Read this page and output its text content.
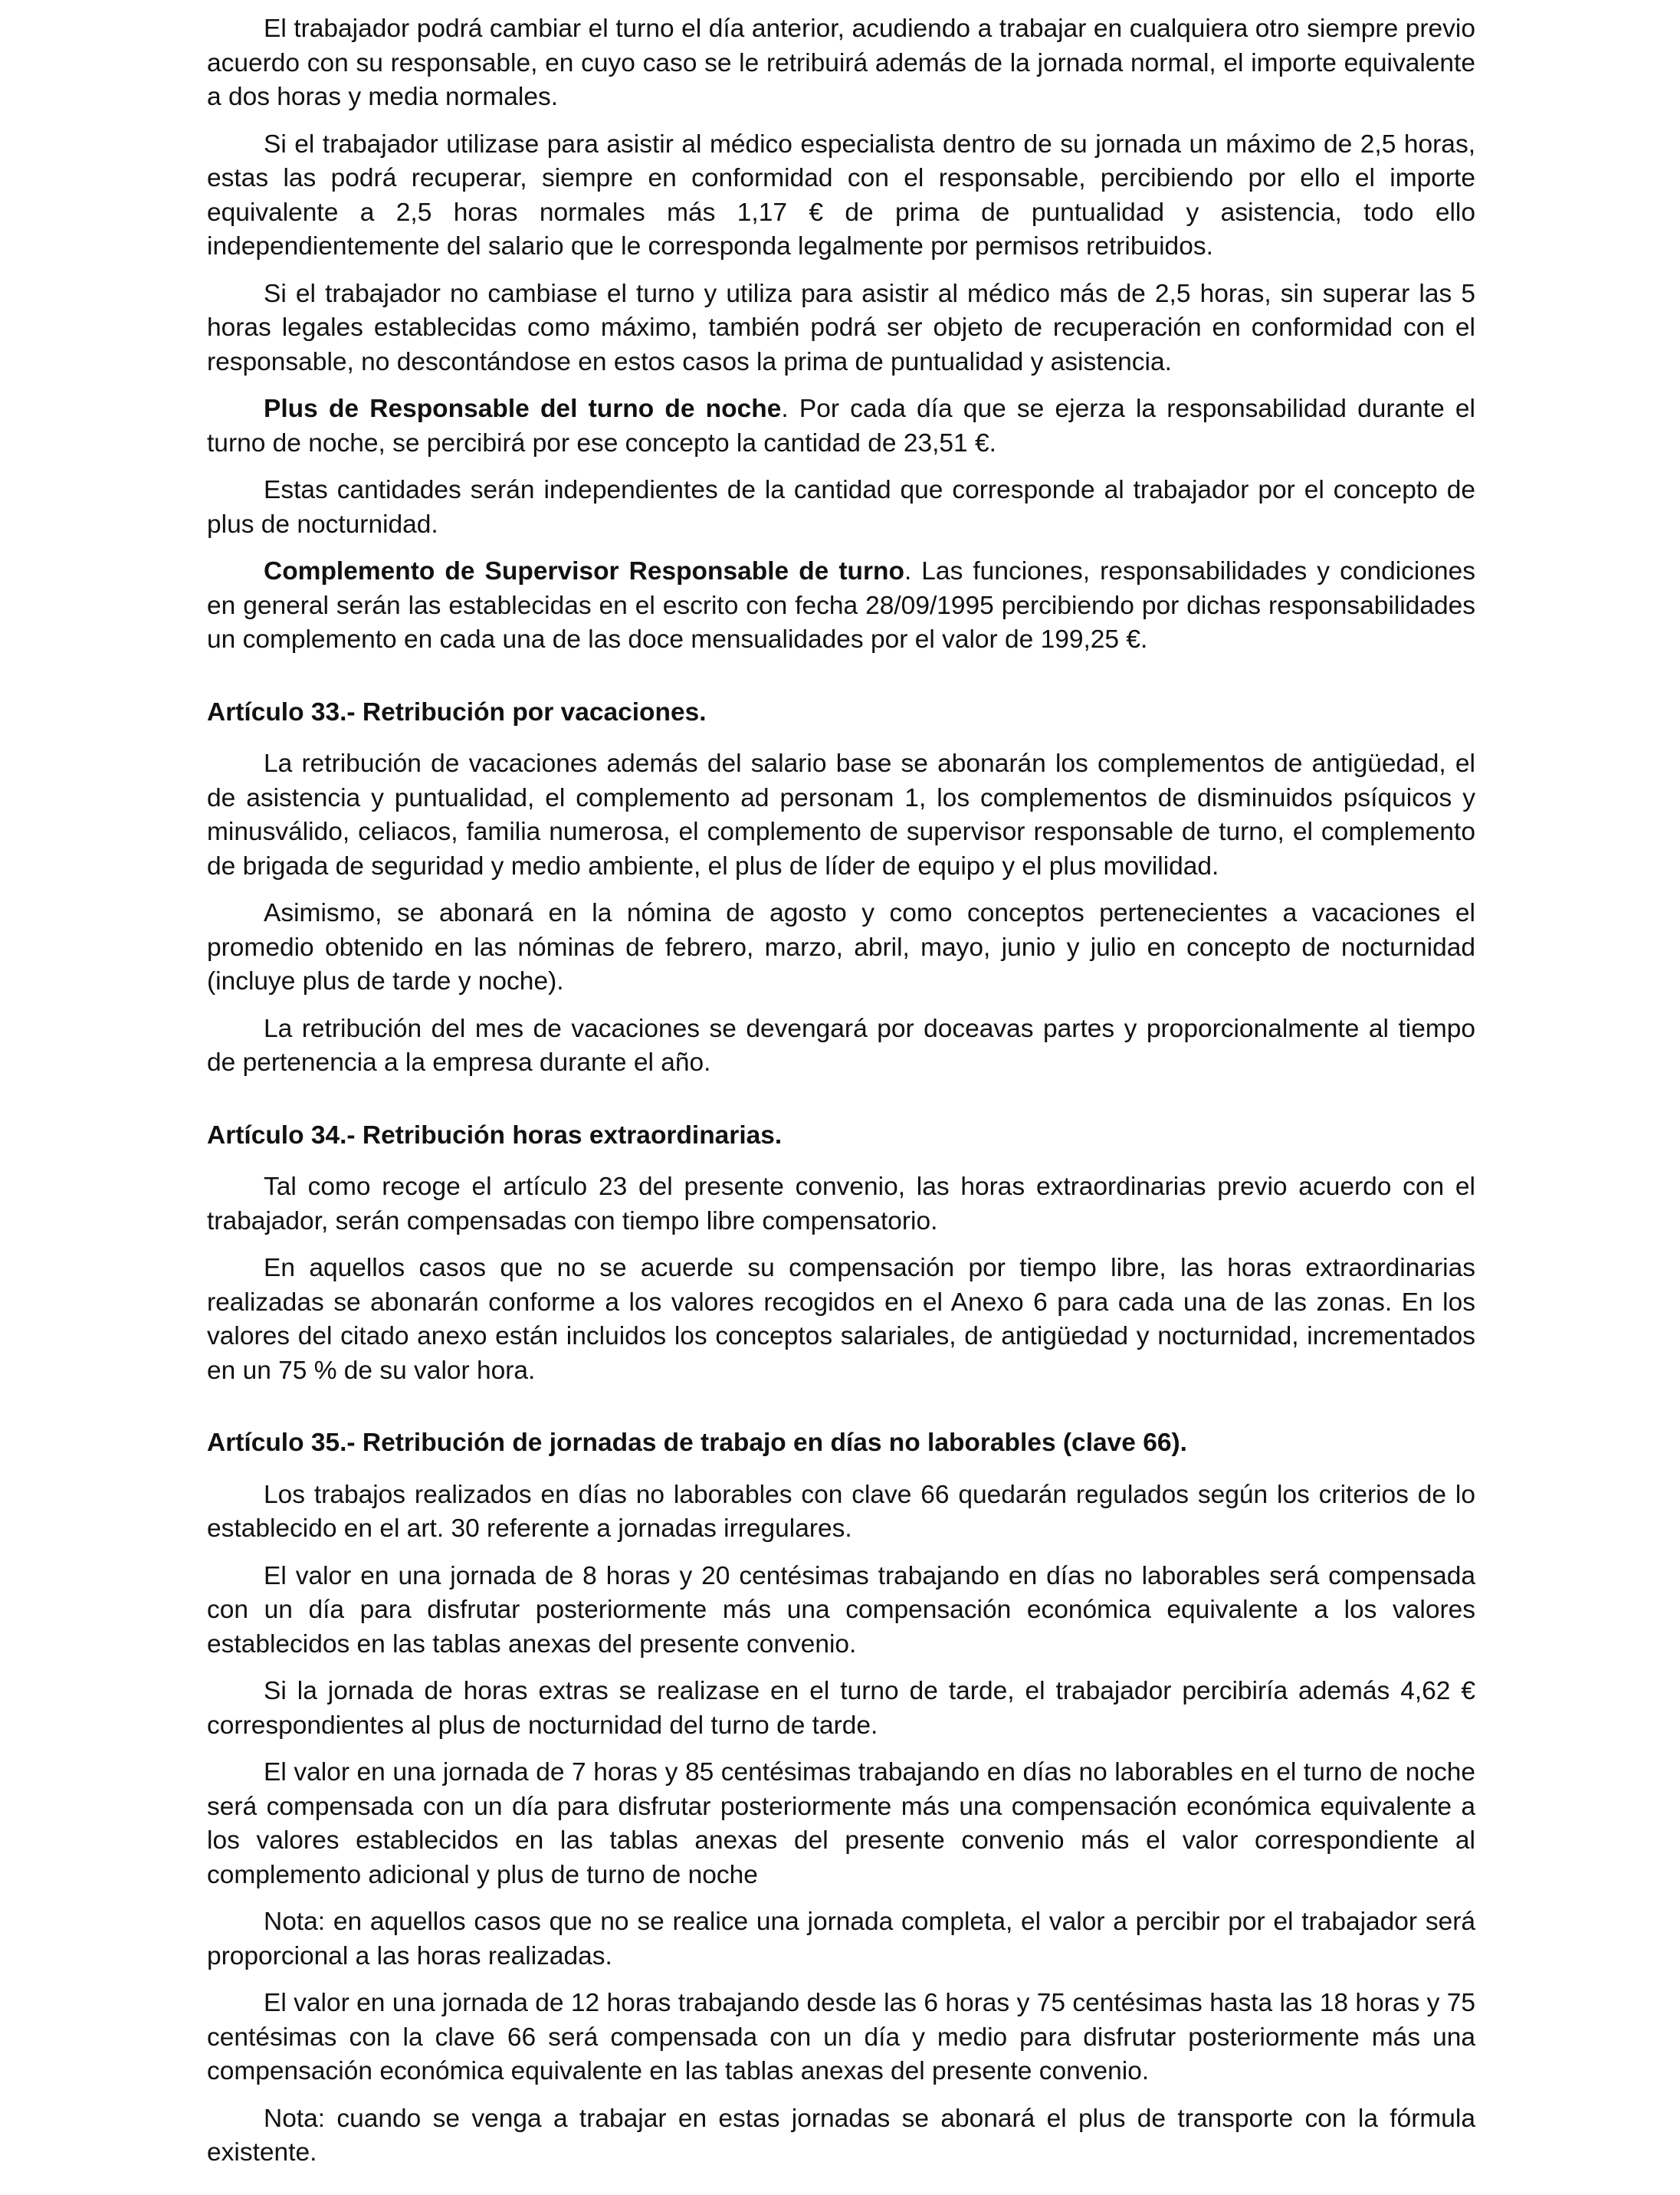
El trabajador podrá cambiar el turno el día anterior, acudiendo a trabajar en cualquiera otro siempre previo acuerdo con su responsable, en cuyo caso se le retribuirá además de la jornada normal, el importe equivalente a dos horas y media normales.

Si el trabajador utilizase para asistir al médico especialista dentro de su jornada un máximo de 2,5 horas, estas las podrá recuperar, siempre en conformidad con el responsable, percibiendo por ello el importe equivalente a 2,5 horas normales más 1,17 € de prima de puntualidad y asistencia, todo ello independientemente del salario que le corresponda legalmente por permisos retribuidos.

Si el trabajador no cambiase el turno y utiliza para asistir al médico más de 2,5 horas, sin superar las 5 horas legales establecidas como máximo, también podrá ser objeto de recuperación en conformidad con el responsable, no descontándose en estos casos la prima de puntualidad y asistencia.

Plus de Responsable del turno de noche. Por cada día que se ejerza la responsabilidad durante el turno de noche, se percibirá por ese concepto la cantidad de 23,51 €.

Estas cantidades serán independientes de la cantidad que corresponde al trabajador por el concepto de plus de nocturnidad.

Complemento de Supervisor Responsable de turno. Las funciones, responsabilidades y condiciones en general serán las establecidas en el escrito con fecha 28/09/1995 percibiendo por dichas responsabilidades un complemento en cada una de las doce mensualidades por el valor de 199,25 €.

Artículo 33.- Retribución por vacaciones.

La retribución de vacaciones además del salario base se abonarán los complementos de antigüedad, el de asistencia y puntualidad, el complemento ad personam 1, los complementos de disminuidos psíquicos y minusválido, celiacos, familia numerosa, el complemento de supervisor responsable de turno, el complemento de brigada de seguridad y medio ambiente, el plus de líder de equipo y el plus movilidad.

Asimismo, se abonará en la nómina de agosto y como conceptos pertenecientes a vacaciones el promedio obtenido en las nóminas de febrero, marzo, abril, mayo, junio y julio en concepto de nocturnidad (incluye plus de tarde y noche).

La retribución del mes de vacaciones se devengará por doceavas partes y proporcionalmente al tiempo de pertenencia a la empresa durante el año.

Artículo 34.- Retribución horas extraordinarias.

Tal como recoge el artículo 23 del presente convenio, las horas extraordinarias previo acuerdo con el trabajador, serán compensadas con tiempo libre compensatorio.

En aquellos casos que no se acuerde su compensación por tiempo libre, las horas extraordinarias realizadas se abonarán conforme a los valores recogidos en el Anexo 6 para cada una de las zonas. En los valores del citado anexo están incluidos los conceptos salariales, de antigüedad y nocturnidad, incrementados en un 75 % de su valor hora.

Artículo 35.- Retribución de jornadas de trabajo en días no laborables (clave 66).

Los trabajos realizados en días no laborables con clave 66 quedarán regulados según los criterios de lo establecido en el art. 30 referente a jornadas irregulares.

El valor en una jornada de 8 horas y 20 centésimas trabajando en días no laborables será compensada con un día para disfrutar posteriormente más una compensación económica equivalente a los valores establecidos en las tablas anexas del presente convenio.

Si la jornada de horas extras se realizase en el turno de tarde, el trabajador percibiría además 4,62 € correspondientes al plus de nocturnidad del turno de tarde.

El valor en una jornada de 7 horas y 85 centésimas trabajando en días no laborables en el turno de noche será compensada con un día para disfrutar posteriormente más una compensación económica equivalente a los valores establecidos en las tablas anexas del presente convenio más el valor correspondiente al complemento adicional y plus de turno de noche

Nota: en aquellos casos que no se realice una jornada completa, el valor a percibir por el trabajador será proporcional a las horas realizadas.

El valor en una jornada de 12 horas trabajando desde las 6 horas y 75 centésimas hasta las 18 horas y 75 centésimas con la clave 66 será compensada con un día y medio para disfrutar posteriormente más una compensación económica equivalente en las tablas anexas del presente convenio.

Nota: cuando se venga a trabajar en estas jornadas se abonará el plus de transporte con la fórmula existente.
